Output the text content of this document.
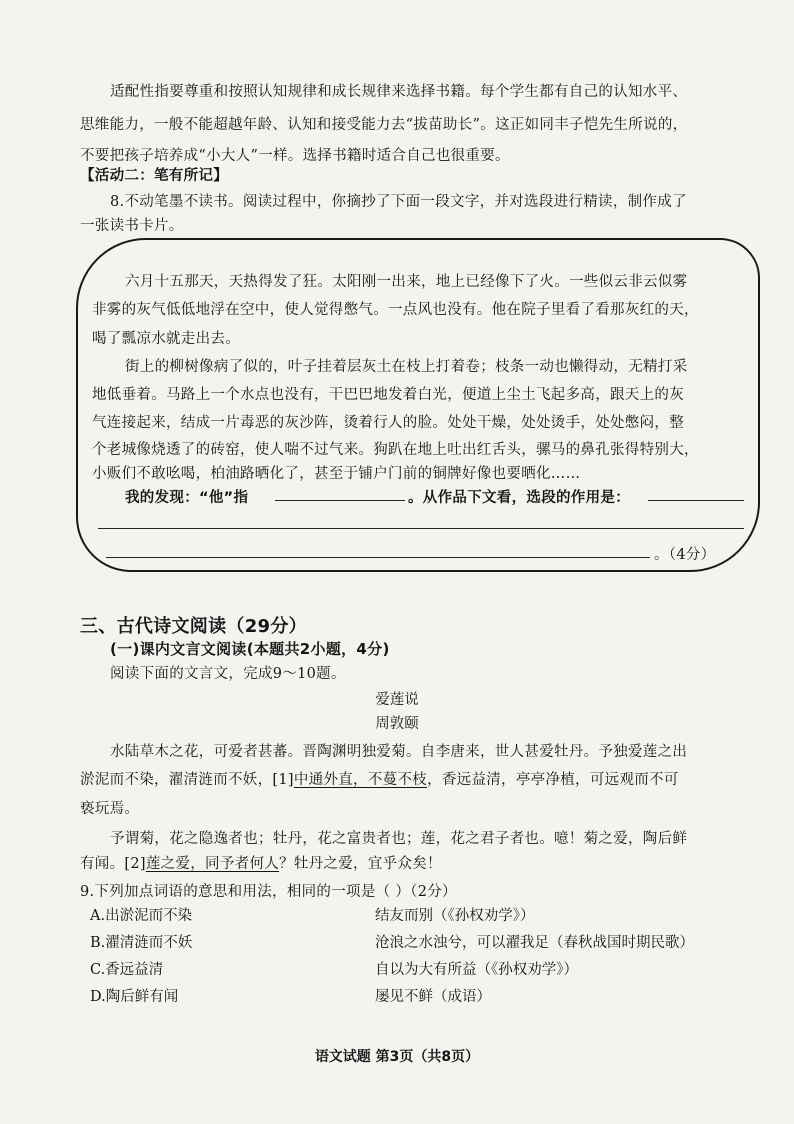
适配性指要尊重和按照认知规律和成长规律来选择书籍。每个学生都有自己的认知水平、
思维能力，一般不能超越年龄、认知和接受能力去“拔苗助长”。这正如同丰子恺先生所说的，
不要把孩子培养成“小大人”一样。选择书籍时适合自己也很重要。
【活动二：笔有所记】
8.不动笔墨不读书。阅读过程中，你摘抄了下面一段文字，并对选段进行精读，制作成了
一张读书卡片。
六月十五那天，天热得发了狂。太阳刚一出来，地上已经像下了火。一些似云非云似雾
非雾的灰气低低地浮在空中，使人觉得憋气。一点风也没有。他在院子里看了看那灰红的天，
喝了瓢凉水就走出去。
街上的柳树像病了似的，叶子挂着层灰土在枝上打着卷；枝条一动也懒得动，无精打采
地低垂着。马路上一个水点也没有，干巴巴地发着白光，便道上尘土飞起多高，跟天上的灰
气连接起来，结成一片毒恶的灰沙阵，烫着行人的脸。处处干燥，处处烫手，处处憋闷，整
个老城像烧透了的砖窑，使人喘不过气来。狗趴在地上吐出红舌头，骡马的鼻孔张得特别大，
小贩们不敢吆喝，柏油路晒化了，甚至于铺户门前的铜牌好像也要晒化……
我的发现：“他”指	。从作品下文看，选段的作用是：
。（4分）
三、古代诗文阅读（29分）
(一)课内文言文阅读(本题共2小题，4分)
阅读下面的文言文，完成9～10题。
爱莲说
周敦颐
水陆草木之花，可爱者甚蕃。晋陶渊明独爱菊。自李唐来，世人甚爱牡丹。予独爱莲之出
淤泥而不染，濯清涟而不妖，[1]中通外直，不蔓不枝，香远益清，亭亭净植，可远观而不可
亵玩焉。
予谓菊，花之隐逸者也；牡丹，花之富贵者也；莲，花之君子者也。噫！菊之爱，陶后鲜
有闻。[2]莲之爱，同予者何人？牡丹之爱，宜乎众矣！
9.下列加点词语的意思和用法，相同的一项是（ ）（2分）
A.出淤泥而不染	结友而别（《孙权劝学》）
B.濯清涟而不妖	沧浪之水浊兮，可以濯我足（春秋战国时期民歌）
C.香远益清	自以为大有所益（《孙权劝学》）
D.陶后鲜有闻	屡见不鲜（成语）
语文试题 第3页（共8页）
